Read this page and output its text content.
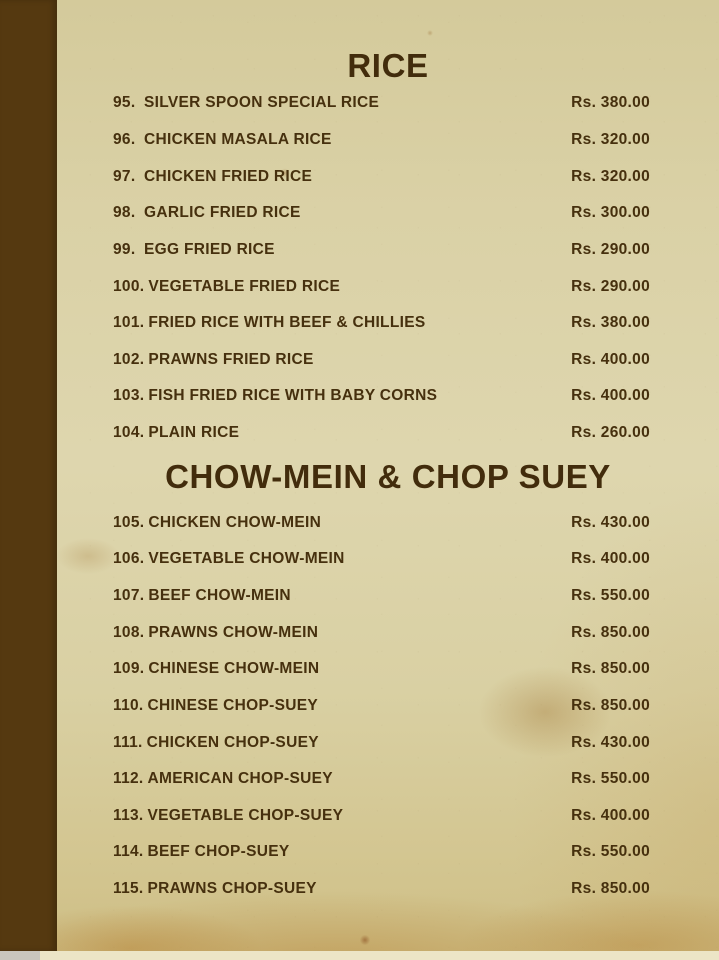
RICE
95. SILVER SPOON SPECIAL RICE	Rs. 380.00
96. CHICKEN MASALA RICE	Rs. 320.00
97. CHICKEN FRIED RICE	Rs. 320.00
98. GARLIC FRIED RICE	Rs. 300.00
99. EGG FRIED RICE	Rs. 290.00
100. VEGETABLE FRIED RICE	Rs. 290.00
101. FRIED RICE WITH BEEF & CHILLIES	Rs. 380.00
102. PRAWNS FRIED RICE	Rs. 400.00
103. FISH FRIED RICE WITH BABY CORNS	Rs. 400.00
104. PLAIN RICE	Rs. 260.00
CHOW-MEIN & CHOP SUEY
105. CHICKEN CHOW-MEIN	Rs. 430.00
106. VEGETABLE CHOW-MEIN	Rs. 400.00
107. BEEF CHOW-MEIN	Rs. 550.00
108. PRAWNS CHOW-MEIN	Rs. 850.00
109. CHINESE CHOW-MEIN	Rs. 850.00
110. CHINESE CHOP-SUEY	Rs. 850.00
111. CHICKEN CHOP-SUEY	Rs. 430.00
112. AMERICAN CHOP-SUEY	Rs. 550.00
113. VEGETABLE CHOP-SUEY	Rs. 400.00
114. BEEF CHOP-SUEY	Rs. 550.00
115. PRAWNS CHOP-SUEY	Rs. 850.00
